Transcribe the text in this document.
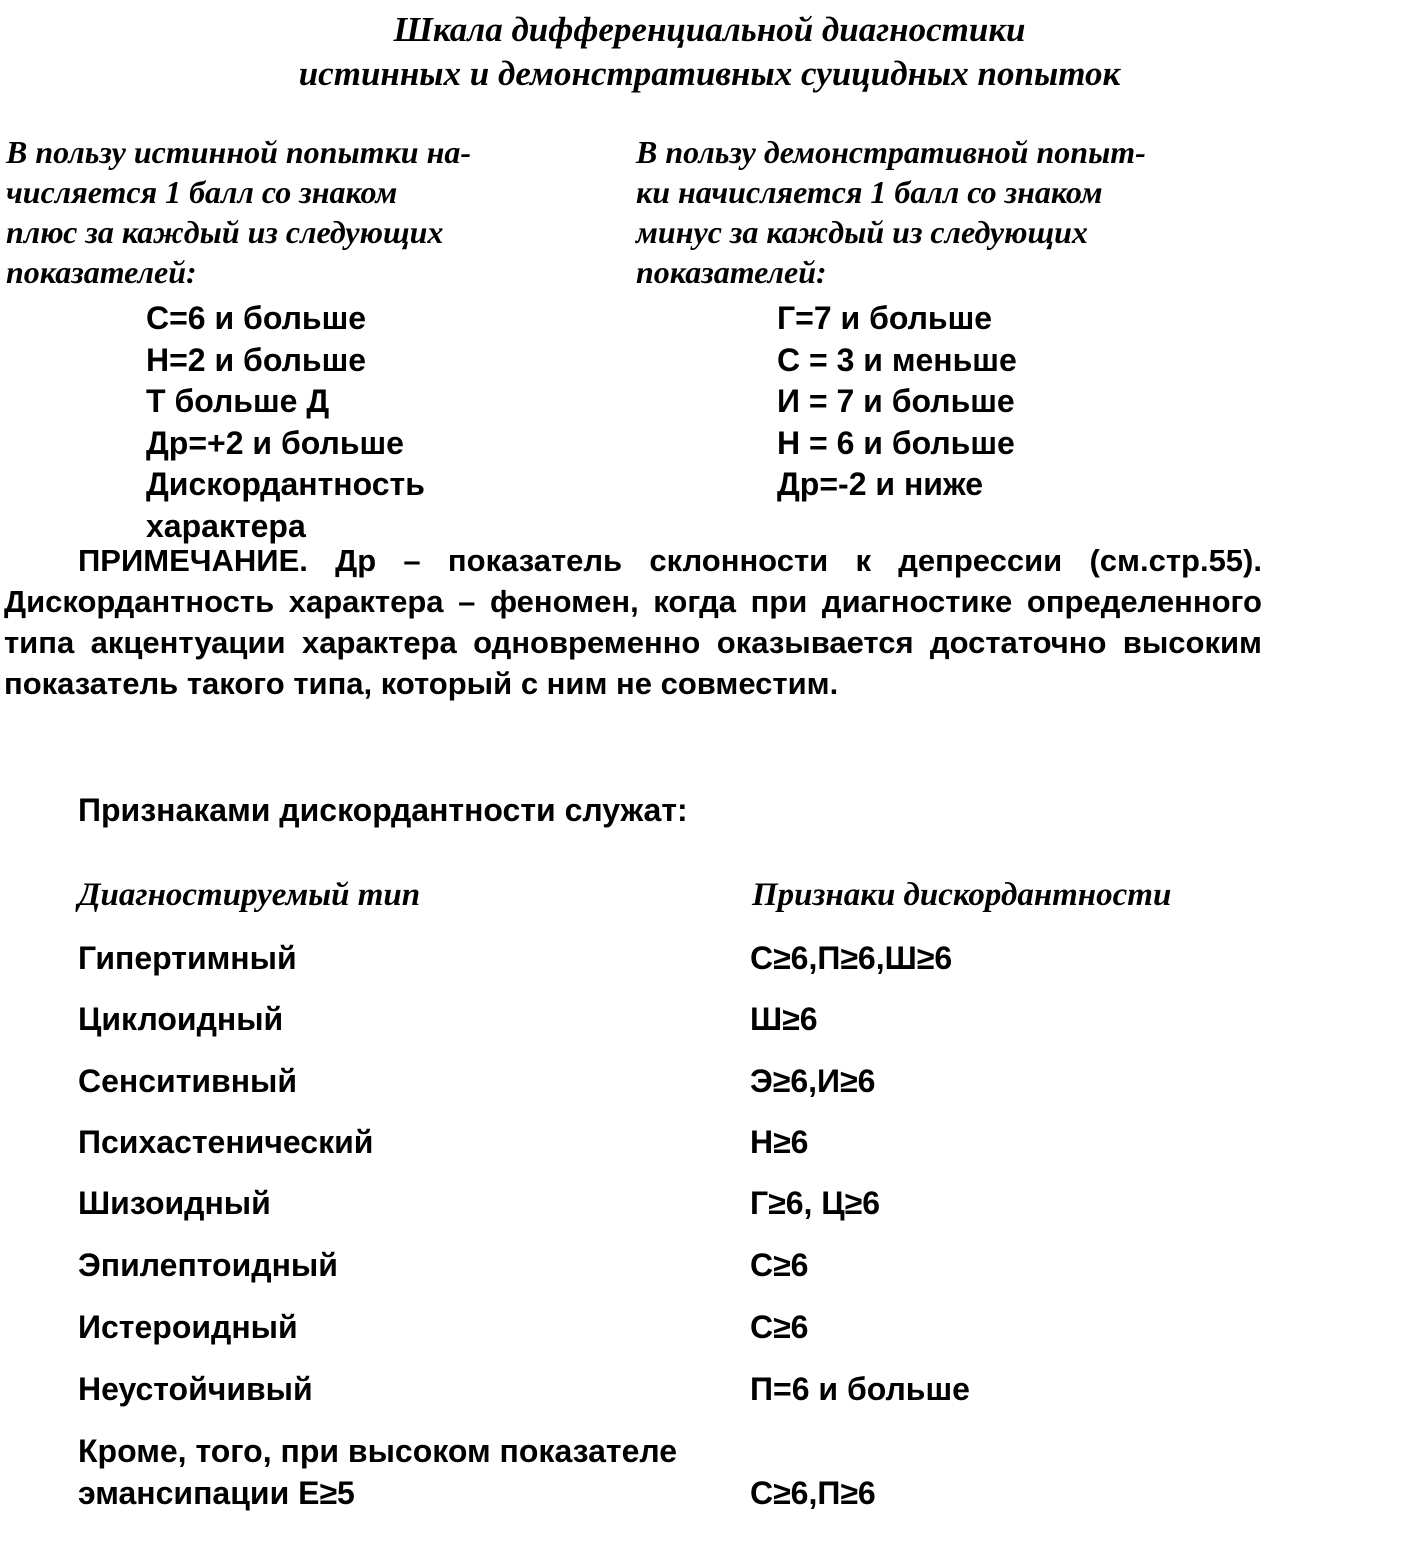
Шкала дифференциальной диагностики
истинных и демонстративных суицидных попыток
В пользу истинной попытки на-
числяется 1 балл со знаком
плюс за каждый из следующих
показателей:
В пользу демонстративной попыт-
ки начисляется 1 балл со знаком
минус за каждый из следующих
показателей:
С=6 и больше
Н=2 и больше
Т больше Д
Др=+2 и больше
Дискордантность
характера
Г=7 и больше
С = 3 и меньше
И = 7 и больше
Н = 6 и больше
Др=-2 и ниже

ПРИМЕЧАНИЕ. Др – показатель склонности к депрессии (см.стр.55). Дискордантность характера – феномен, когда при диагностике определенного типа акцентуации характера одновременно оказывается достаточно высоким показатель такого типа, который с ним не совместим.

Признаками дискордантности служат:
Диагностируемый тип	Признаки дискордантности
Гипертимный	С≥6,П≥6,Ш≥6
Циклоидный	Ш≥6
Сенситивный	Э≥6,И≥6
Психастенический	Н≥6
Шизоидный	Г≥6, Ц≥6
Эпилептоидный	С≥6
Истероидный	С≥6
Неустойчивый	П=6 и больше
Кроме, того, при высоком показателе эмансипации Е≥5	С≥6,П≥6
